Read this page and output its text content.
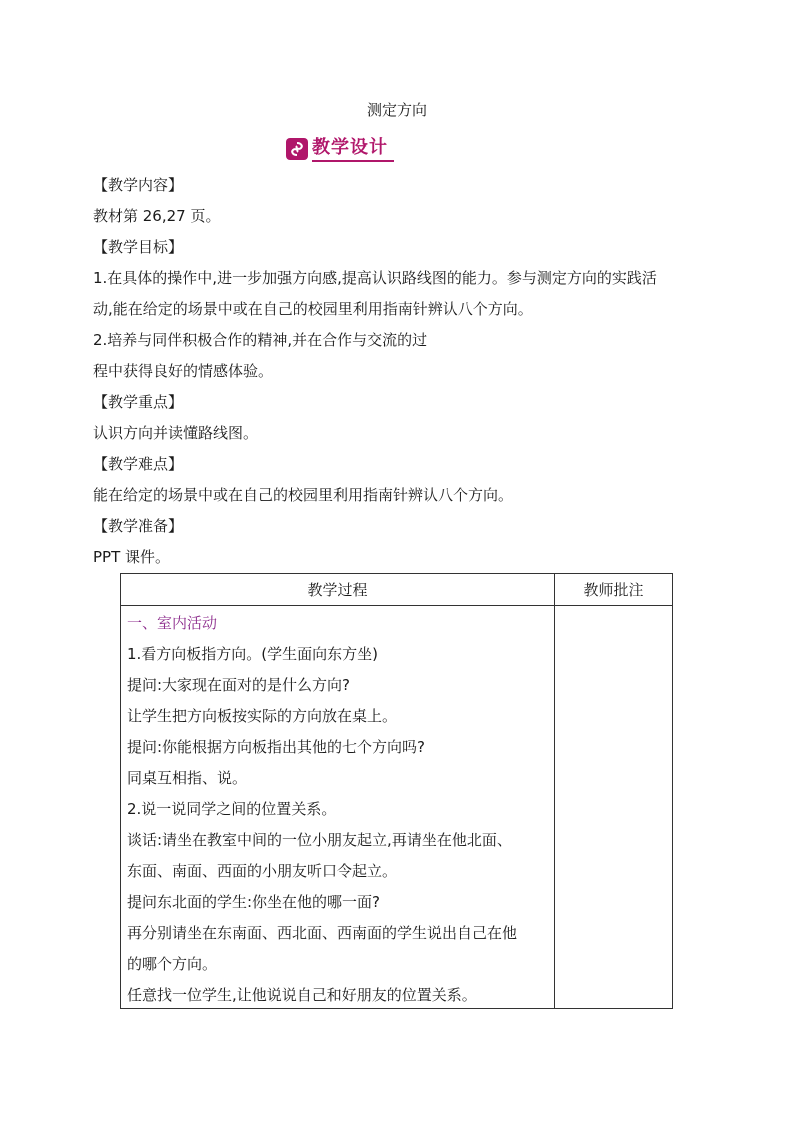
测定方向
教学设计

【教学内容】

教材第 26,27 页。

【教学目标】

1.在具体的操作中,进一步加强方向感,提高认识路线图的能力。参与测定方向的实践活

动,能在给定的场景中或在自己的校园里利用指南针辨认八个方向。

2.培养与同伴积极合作的精神,并在合作与交流的过

程中获得良好的情感体验。

【教学重点】

认识方向并读懂路线图。

【教学难点】

能在给定的场景中或在自己的校园里利用指南针辨认八个方向。

【教学准备】

PPT 课件。

教学过程	教师批注

一、室内活动

1.看方向板指方向。(学生面向东方坐)

提问:大家现在面对的是什么方向?

让学生把方向板按实际的方向放在桌上。

提问:你能根据方向板指出其他的七个方向吗?

同桌互相指、说。

2.说一说同学之间的位置关系。

谈话:请坐在教室中间的一位小朋友起立,再请坐在他北面、

东面、南面、西面的小朋友听口令起立。

提问东北面的学生:你坐在他的哪一面?

再分别请坐在东南面、西北面、西南面的学生说出自己在他

的哪个方向。

任意找一位学生,让他说说自己和好朋友的位置关系。
